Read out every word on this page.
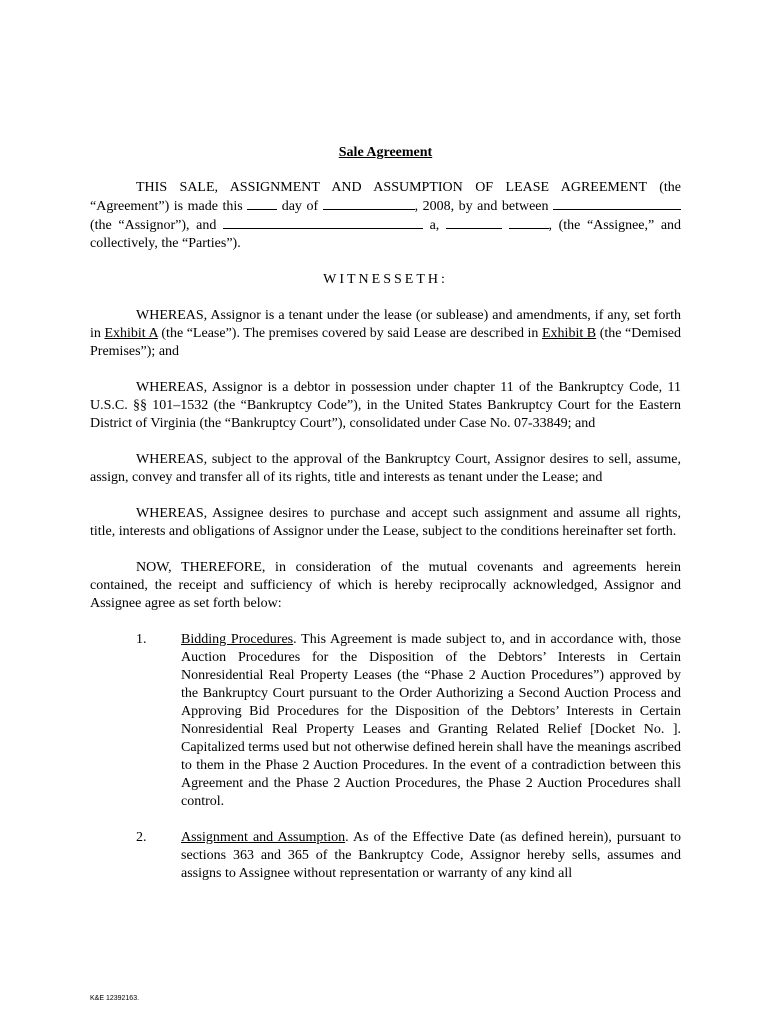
Sale Agreement

THIS SALE, ASSIGNMENT AND ASSUMPTION OF LEASE AGREEMENT (the “Agreement”) is made this	day of	, 2008, by and between  (the “Assignor”), and	a,	, (the “Assignee,” and collectively, the “Parties”).

WITNESSETH:

WHEREAS, Assignor is a tenant under the lease (or sublease) and amendments, if any, set forth in Exhibit A (the “Lease”). The premises covered by said Lease are described in Exhibit B (the “Demised Premises”); and

WHEREAS, Assignor is a debtor in possession under chapter 11 of the Bankruptcy Code, 11 U.S.C. §§ 101–1532 (the “Bankruptcy Code”), in the United States Bankruptcy Court for the Eastern District of Virginia (the “Bankruptcy Court”), consolidated under Case No. 07-33849; and

WHEREAS, subject to the approval of the Bankruptcy Court, Assignor desires to sell, assume, assign, convey and transfer all of its rights, title and interests as tenant under the Lease; and

WHEREAS, Assignee desires to purchase and accept such assignment and assume all rights, title, interests and obligations of Assignor under the Lease, subject to the conditions hereinafter set forth.

NOW, THEREFORE, in consideration of the mutual covenants and agreements herein contained, the receipt and sufficiency of which is hereby reciprocally acknowledged, Assignor and Assignee agree as set forth below:

1. Bidding Procedures. This Agreement is made subject to, and in accordance with, those Auction Procedures for the Disposition of the Debtors’ Interests in Certain Nonresidential Real Property Leases (the “Phase 2 Auction Procedures”) approved by the Bankruptcy Court pursuant to the Order Authorizing a Second Auction Process and Approving Bid Procedures for the Disposition of the Debtors’ Interests in Certain Nonresidential Real Property Leases and Granting Related Relief [Docket No. ]. Capitalized terms used but not otherwise defined herein shall have the meanings ascribed to them in the Phase 2 Auction Procedures. In the event of a contradiction between this Agreement and the Phase 2 Auction Procedures, the Phase 2 Auction Procedures shall control.
2. Assignment and Assumption. As of the Effective Date (as defined herein), pursuant to sections 363 and 365 of the Bankruptcy Code, Assignor hereby sells, assumes and assigns to Assignee without representation or warranty of any kind all
K&E 12392163.
